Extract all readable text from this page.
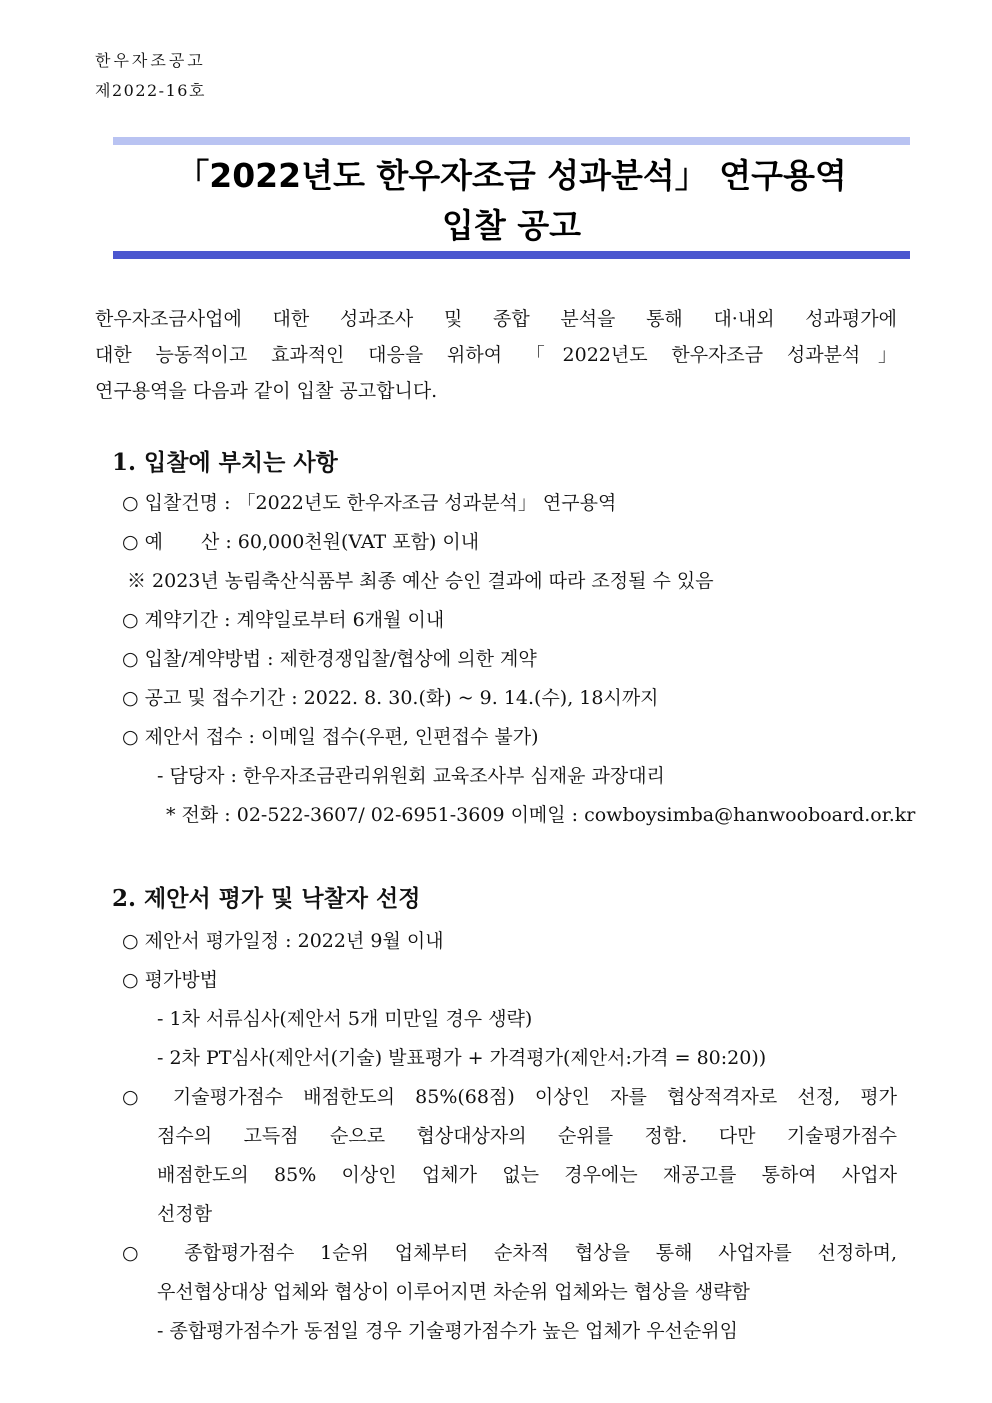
한우자조공고
제2022-16호
「2022년도 한우자조금 성과분석」 연구용역
입찰 공고
한우자조금사업에 대한 성과조사 및 종합 분석을 통해 대·내외 성과평가에
대한 능동적이고 효과적인 대응을 위하여 「2022년도 한우자조금 성과분석」
연구용역을 다음과 같이 입찰 공고합니다.
1. 입찰에 부치는 사항
○ 입찰건명 : 「2022년도 한우자조금 성과분석」 연구용역
○ 예　　산 : 60,000천원(VAT 포함) 이내
※ 2023년 농림축산식품부 최종 예산 승인 결과에 따라 조정될 수 있음
○ 계약기간 : 계약일로부터 6개월 이내
○ 입찰/계약방법 : 제한경쟁입찰/협상에 의한 계약
○ 공고 및 접수기간 : 2022. 8. 30.(화) ~ 9. 14.(수), 18시까지
○ 제안서 접수 : 이메일 접수(우편, 인편접수 불가)
- 담당자 : 한우자조금관리위원회 교육조사부 심재윤 과장대리
* 전화 : 02-522-3607/ 02-6951-3609 이메일 : cowboysimba@hanwooboard.or.kr
2. 제안서 평가 및 낙찰자 선정
○ 제안서 평가일정 : 2022년 9월 이내
○ 평가방법
- 1차 서류심사(제안서 5개 미만일 경우 생략)
- 2차 PT심사(제안서(기술) 발표평가 + 가격평가(제안서:가격 = 80:20))
○ 기술평가점수 배점한도의 85%(68점) 이상인 자를 협상적격자로 선정, 평가
점수의 고득점 순으로 협상대상자의 순위를 정함. 다만 기술평가점수
배점한도의 85% 이상인 업체가 없는 경우에는 재공고를 통하여 사업자
선정함
○ 종합평가점수 1순위 업체부터 순차적 협상을 통해 사업자를 선정하며,
우선협상대상 업체와 협상이 이루어지면 차순위 업체와는 협상을 생략함
- 종합평가점수가 동점일 경우 기술평가점수가 높은 업체가 우선순위임
